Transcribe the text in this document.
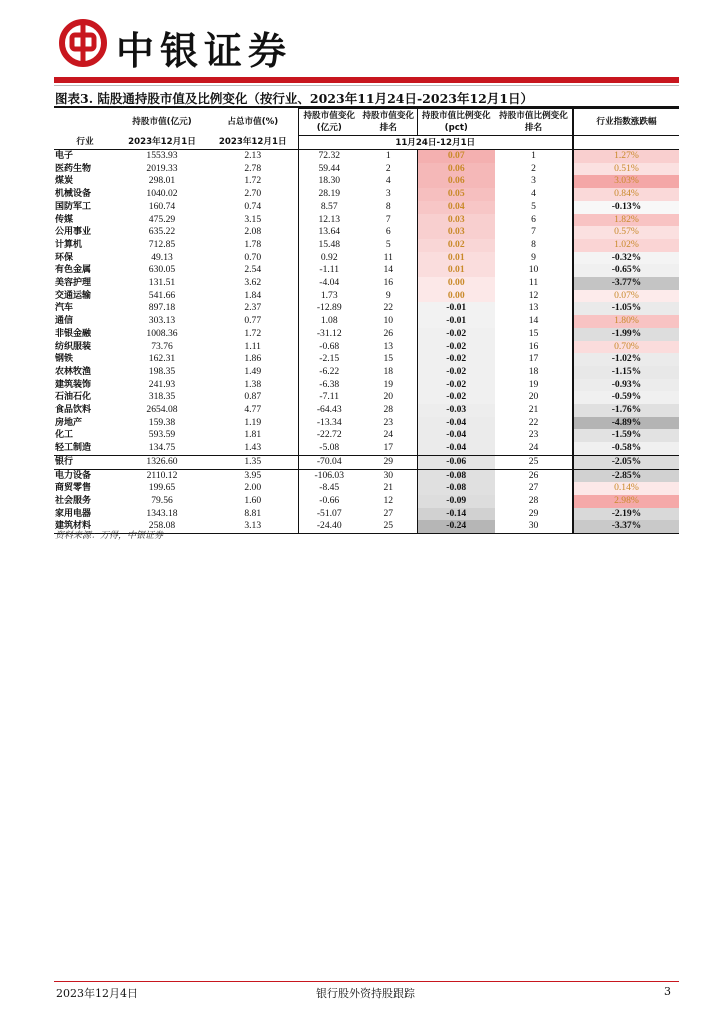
中银证券
图表3. 陆股通持股市值及比例变化（按行业、2023年11月24日-2023年12月1日）
	持股市值(亿元)	占总市值(%)	持股市值变化(亿元)	持股市值变化排名	持股市值比例变化(pct)	持股市值比例变化排名	行业指数涨跌幅
行业	2023年12月1日	2023年12月1日	11月24日-12月1日				
电子	1553.93	2.13	72.32	1	0.07	1	1.27%
医药生物	2019.33	2.78	59.44	2	0.06	2	0.51%
煤炭	298.01	1.72	18.30	4	0.06	3	3.03%
机械设备	1040.02	2.70	28.19	3	0.05	4	0.84%
国防军工	160.74	0.74	8.57	8	0.04	5	-0.13%
传媒	475.29	3.15	12.13	7	0.03	6	1.82%
公用事业	635.22	2.08	13.64	6	0.03	7	0.57%
计算机	712.85	1.78	15.48	5	0.02	8	1.02%
环保	49.13	0.70	0.92	11	0.01	9	-0.32%
有色金属	630.05	2.54	-1.11	14	0.01	10	-0.65%
美容护理	131.51	3.62	-4.04	16	0.00	11	-3.77%
交通运输	541.66	1.84	1.73	9	0.00	12	0.07%
汽车	897.18	2.37	-12.89	22	-0.01	13	-1.05%
通信	303.13	0.77	1.08	10	-0.01	14	1.80%
非银金融	1008.36	1.72	-31.12	26	-0.02	15	-1.99%
纺织服装	73.76	1.11	-0.68	13	-0.02	16	0.70%
钢铁	162.31	1.86	-2.15	15	-0.02	17	-1.02%
农林牧渔	198.35	1.49	-6.22	18	-0.02	18	-1.15%
建筑装饰	241.93	1.38	-6.38	19	-0.02	19	-0.93%
石油石化	318.35	0.87	-7.11	20	-0.02	20	-0.59%
食品饮料	2654.08	4.77	-64.43	28	-0.03	21	-1.76%
房地产	159.38	1.19	-13.34	23	-0.04	22	-4.89%
化工	593.59	1.81	-22.72	24	-0.04	23	-1.59%
轻工制造	134.75	1.43	-5.08	17	-0.04	24	-0.58%
银行	1326.60	1.35	-70.04	29	-0.06	25	-2.05%
电力设备	2110.12	3.95	-106.03	30	-0.08	26	-2.85%
商贸零售	199.65	2.00	-8.45	21	-0.08	27	0.14%
社会服务	79.56	1.60	-0.66	12	-0.09	28	2.98%
家用电器	1343.18	8.81	-51.07	27	-0.14	29	-2.19%
建筑材料	258.08	3.13	-24.40	25	-0.24	30	-3.37%
资料来源：万得，中银证券
2023年12月4日	银行股外资持股跟踪	3
